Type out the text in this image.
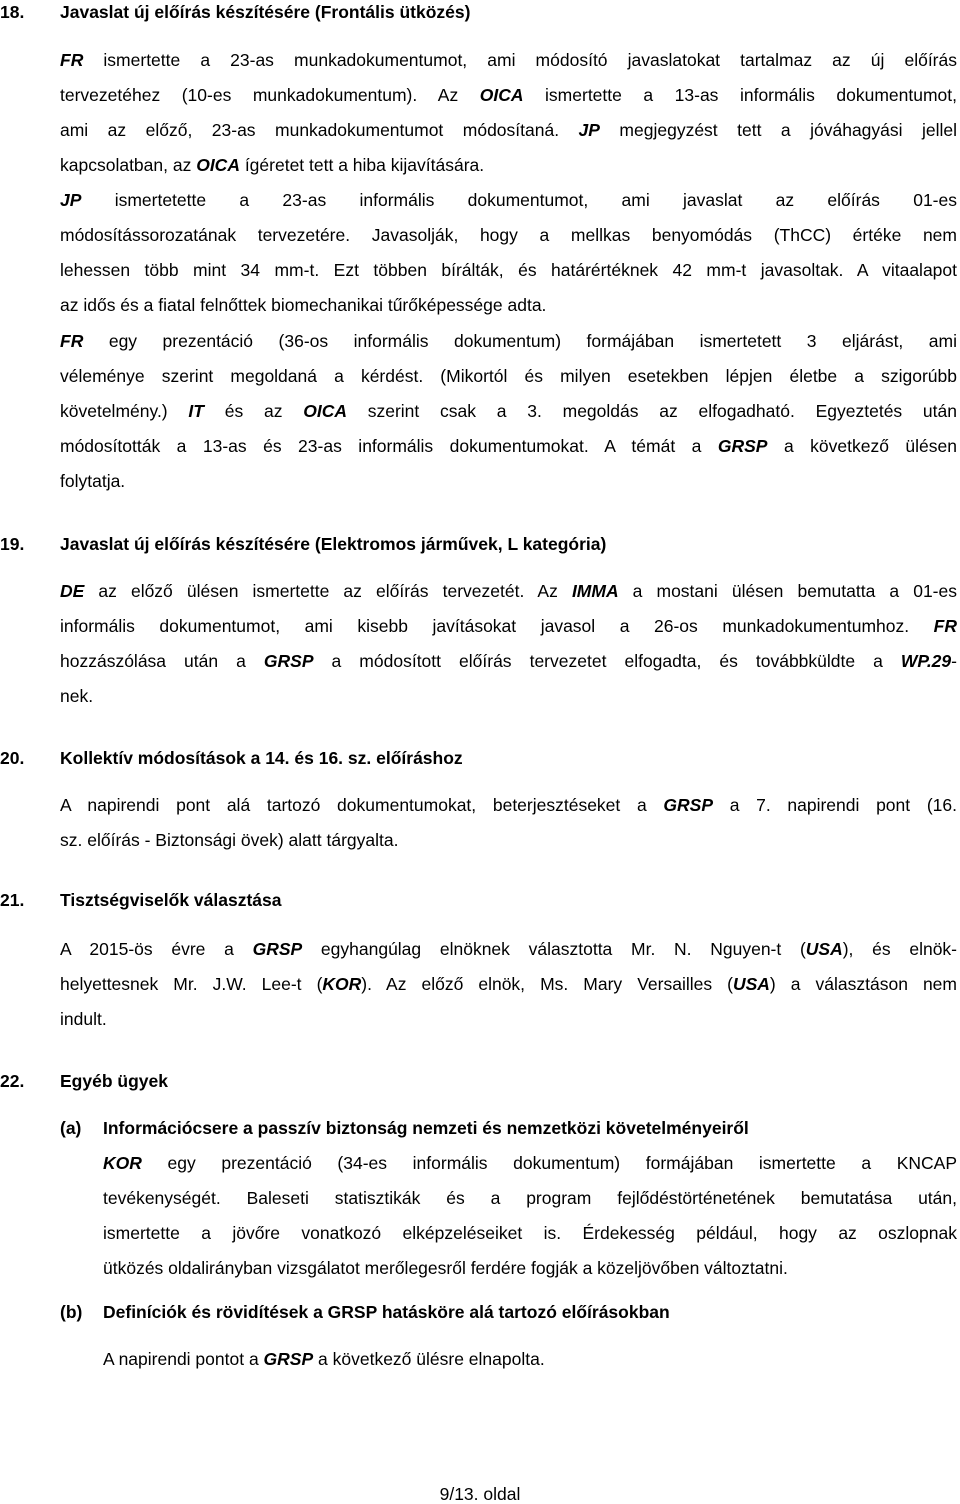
18. Javaslat új előírás készítésére (Frontális ütközés)
FR ismertette a 23-as munkadokumentumot, ami módosító javaslatokat tartalmaz az új előírás
tervezetéhez (10-es munkadokumentum). Az OICA ismertette a 13-as informális dokumentumot,
ami az előző, 23-as munkadokumentumot módosítaná. JP megjegyzést tett a jóváhagyási jellel
kapcsolatban, az OICA ígéretet tett a hiba kijavítására.
JP ismertetette a 23-as informális dokumentumot, ami javaslat az előírás 01-es
módosítássorozatának tervezetére. Javasolják, hogy a mellkas benyomódás (ThCC) értéke nem
lehessen több mint 34 mm-t. Ezt többen bírálták, és határértéknek 42 mm-t javasoltak. A vitaalapot
az idős és a fiatal felnőttek biomechanikai tűrőképessége adta.
FR egy prezentáció (36-os informális dokumentum) formájában ismertetett 3 eljárást, ami
véleménye szerint megoldaná a kérdést. (Mikortól és milyen esetekben lépjen életbe a szigorúbb
követelmény.) IT és az OICA szerint csak a 3. megoldás az elfogadható. Egyeztetés után
módosították a 13-as és 23-as informális dokumentumokat. A témát a GRSP a következő ülésen
folytatja.
19. Javaslat új előírás készítésére (Elektromos járművek, L kategória)
DE az előző ülésen ismertette az előírás tervezetét. Az IMMA a mostani ülésen bemutatta a 01-es
informális dokumentumot, ami kisebb javításokat javasol a 26-os munkadokumentumhoz. FR
hozzászólása után a GRSP a módosított előírás tervezetet elfogadta, és továbbküldte a WP.29-
nek.
20. Kollektív módosítások a 14. és 16. sz. előíráshoz
A napirendi pont alá tartozó dokumentumokat, beterjesztéseket a GRSP a 7. napirendi pont (16.
sz. előírás - Biztonsági övek) alatt tárgyalta.
21. Tisztségviselők választása
A 2015-ös évre a GRSP egyhangúlag elnöknek választotta Mr. N. Nguyen-t (USA), és elnök-
helyettesnek Mr. J.W. Lee-t (KOR). Az előző elnök, Ms. Mary Versailles (USA) a választáson nem
indult.
22. Egyéb ügyek
(a) Információcsere a passzív biztonság nemzeti és nemzetközi követelményeiről
KOR egy prezentáció (34-es informális dokumentum) formájában ismertette a KNCAP
tevékenységét. Baleseti statisztikák és a program fejlődéstörténetének bemutatása után,
ismertette a jövőre vonatkozó elképzeléseiket is. Érdekesség például, hogy az oszlopnak
ütközés oldalirányban vizsgálatot merőlegesről ferdére fogják a közeljövőben változtatni.
(b) Definíciók és rövidítések a GRSP hatásköre alá tartozó előírásokban
A napirendi pontot a GRSP a következő ülésre elnapolta.
9/13. oldal
